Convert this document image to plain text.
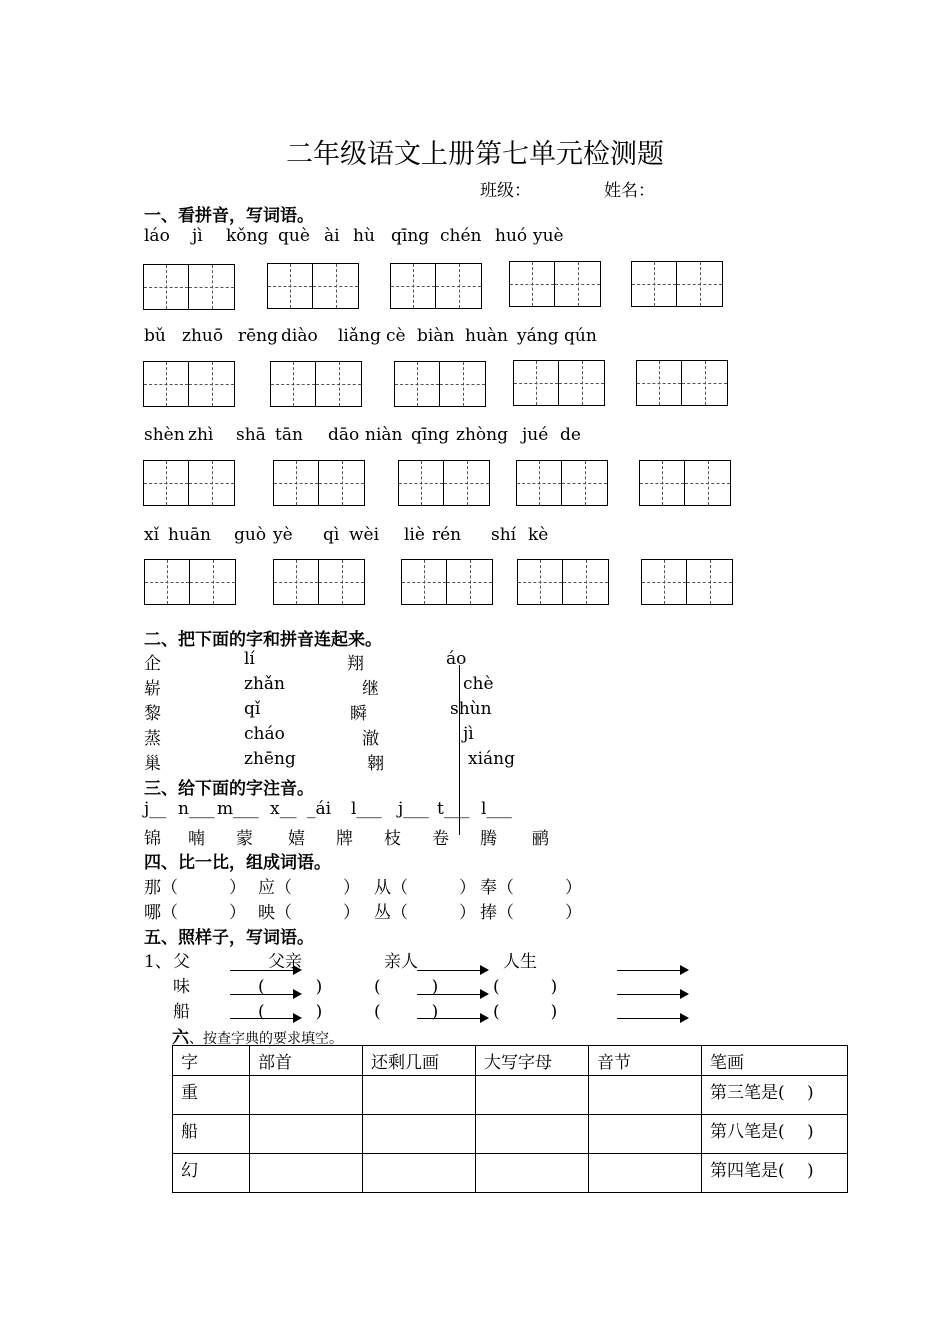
二年级语文上册第七单元检测题
班级：	姓名：
一、看拼音，写词语。
láo jì kǒng què ài hù qīng chén huó yuè
bǔ zhuō rēng diào liǎng cè biàn huàn yáng qún
shèn zhì shā tān dāo niàn qīng zhòng jué de
xǐ huān guò yè qì wèi liè rén shí kè
二、把下面的字和拼音连起来。
企	lí	翔	áo
崭	zhǎn	继	chè
黎	qǐ	瞬	shùn
蒸	cháo	澈	jì
巢	zhēng	翱	xiáng
三、给下面的字注音。
j__ n___ m___ x__ _ái l___ j___ t___ l___
锦 喃 蒙 嬉 牌 枝 卷 腾 鹂
四、比一比，组成词语。
那（　　　） 应（　　　） 从（　　　） 奉（　　　）
哪（　　　） 映（　　　） 丛（　　　） 捧（　　　）
五、照样子，写词语。
1、 父	父亲	亲人	人生
味	(　　　)	(　　　)	(　　　)
船	(　　　)	(　　　)	(　　　)
六、按查字典的要求填空。
字	部首	还剩几画	大写字母	音节	笔画
重					第三笔是(　 )
船					第八笔是(　 )
幻					第四笔是(　 )
